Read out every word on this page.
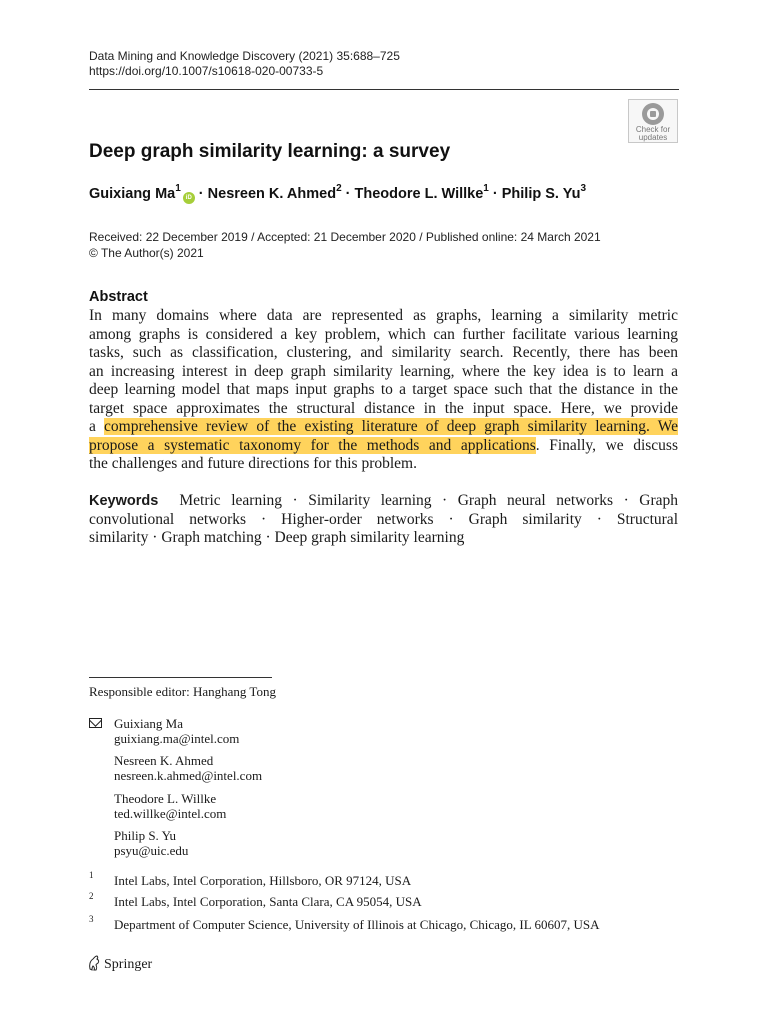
Data Mining and Knowledge Discovery (2021) 35:688–725
https://doi.org/10.1007/s10618-020-00733-5
Check for
updates
Deep graph similarity learning: a survey
Guixiang $Ma^1iD$ · Nesreen K. Ahmed$^2$ · Theodore L. Willke$^1$ · Philip S. Yu$^3$
Received: 22 December 2019 / Accepted: 21 December 2020 / Published online: 24 March 2021
© The Author(s) 2021
Abstract
In many domains where data are represented as graphs, learning a similarity metric
among graphs is considered a key problem, which can further facilitate various learning
tasks, such as classification, clustering, and similarity search. Recently, there has been
an increasing interest in deep graph similarity learning, where the key idea is to learn a
deep learning model that maps input graphs to a target space such that the distance in the
target space approximates the structural distance in the input space. Here, we provide
a comprehensive review of the existing literature of deep graph similarity learning. We
propose a systematic taxonomy for the methods and applications. Finally, we discuss
the challenges and future directions for this problem.
Keywords Metric learning · Similarity learning · Graph neural networks · Graph
convolutional networks · Higher-order networks · Graph similarity · Structural
similarity · Graph matching · Deep graph similarity learning
Responsible editor: Hanghang Tong
Guixiang Ma
guixiang.ma@intel.com
Nesreen K. Ahmed
nesreen.k.ahmed@intel.com
Theodore L. Willke
ted.willke@intel.com
Philip S. Yu
psyu@uic.edu
1 Intel Labs, Intel Corporation, Hillsboro, OR 97124, USA
2 Intel Labs, Intel Corporation, Santa Clara, CA 95054, USA
3 Department of Computer Science, University of Illinois at Chicago, Chicago, IL 60607, USA
Springer
